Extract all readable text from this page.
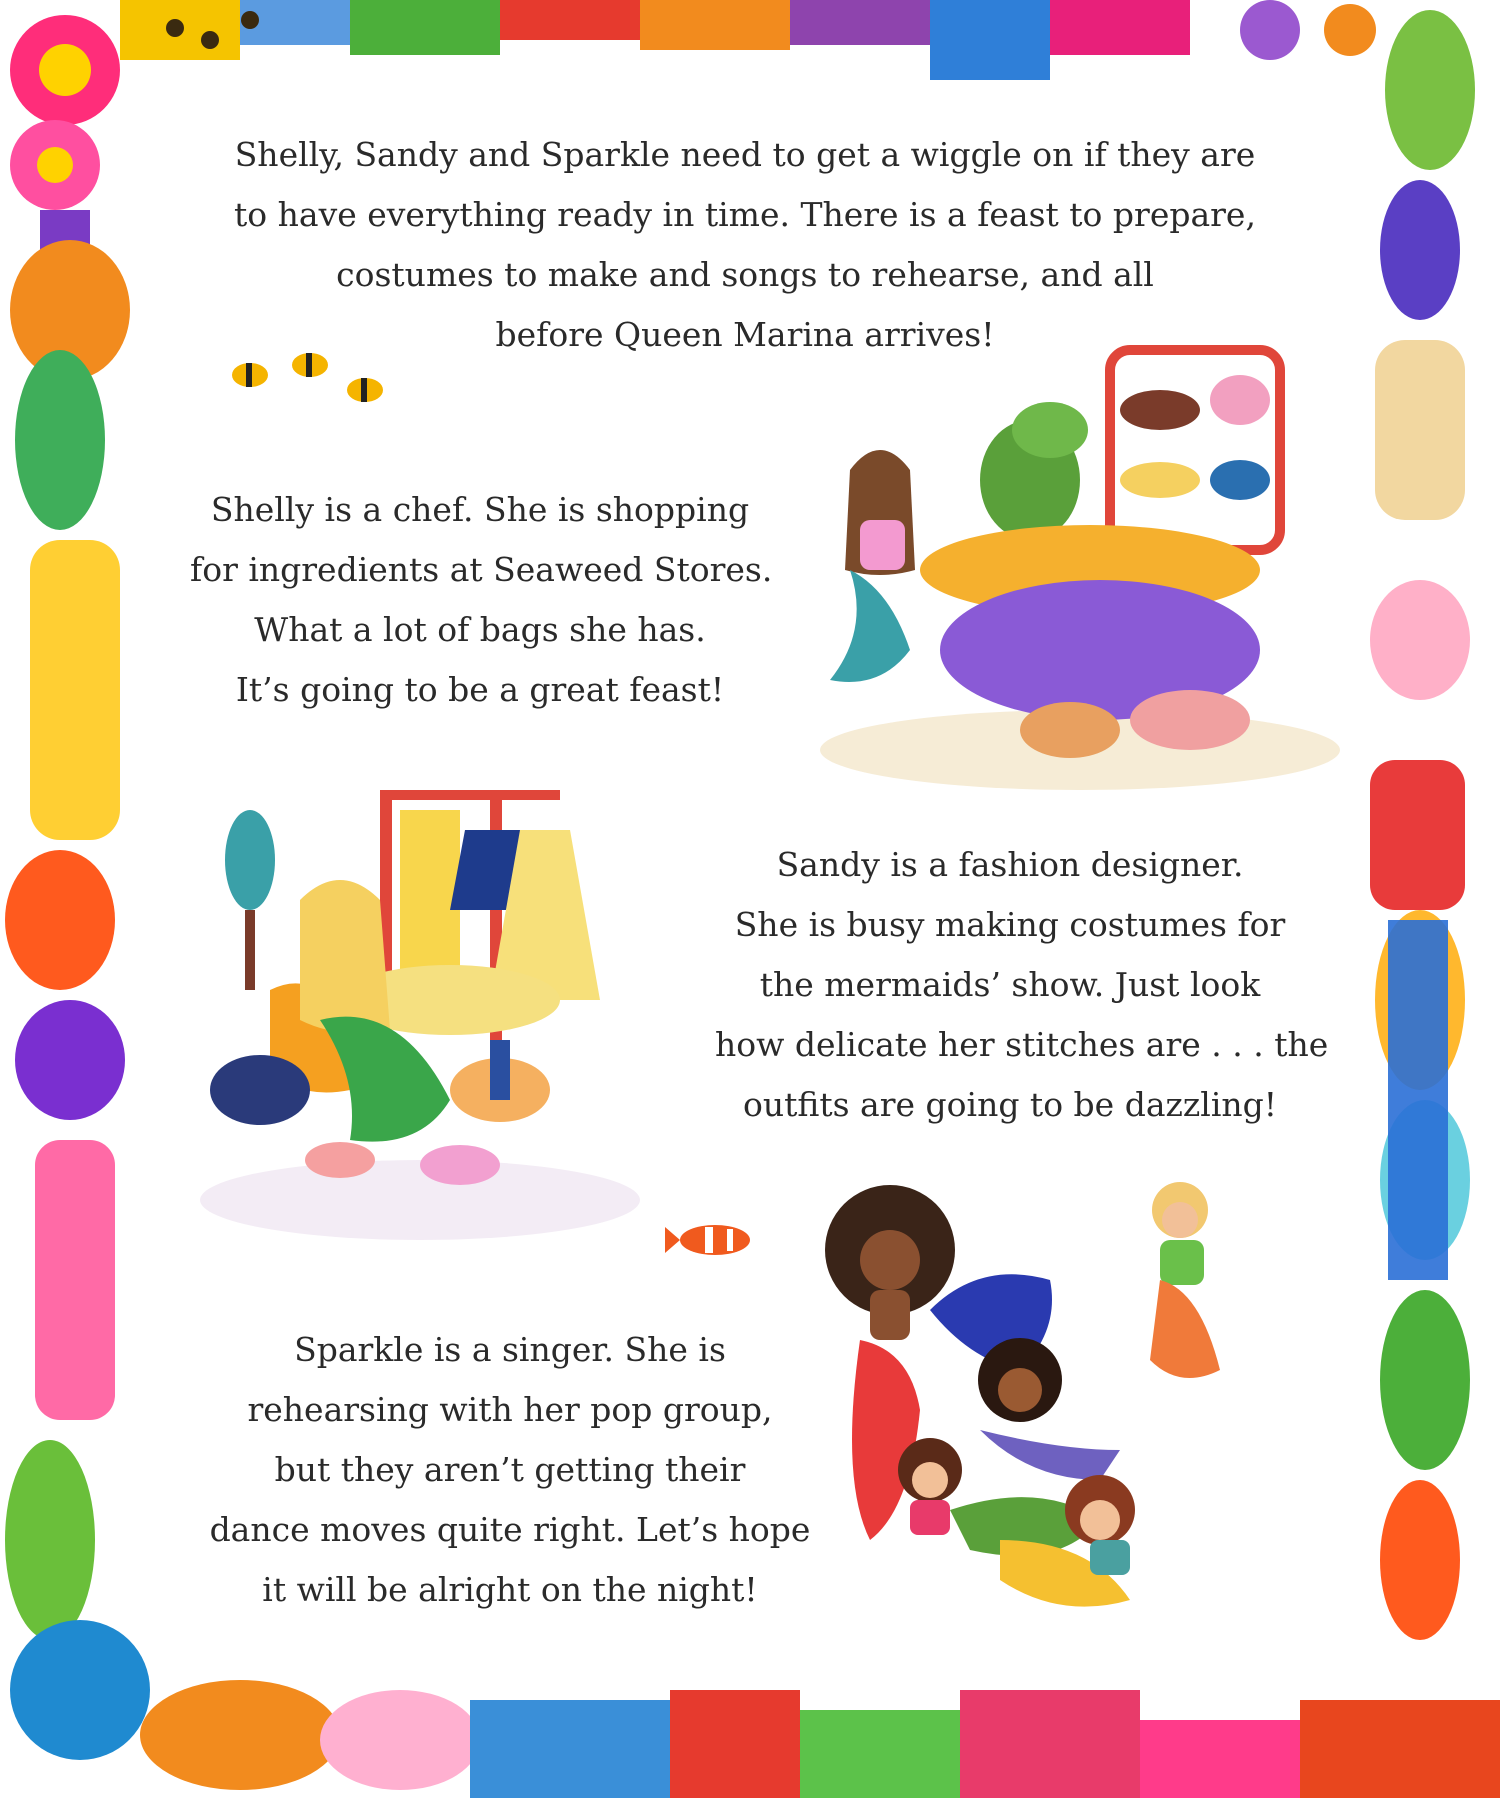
Shelly, Sandy and Sparkle need to get a wiggle on if they are
to have everything ready in time. There is a feast to prepare,
costumes to make and songs to rehearse, and all
before Queen Marina arrives!
Shelly is a chef. She is shopping
for ingredients at Seaweed Stores.
What a lot of bags she has.
It’s going to be a great feast!
Sandy is a fashion designer.
She is busy making costumes for
the mermaids’ show. Just look
how delicate her stitches are . . . the
outfits are going to be dazzling!
Sparkle is a singer. She is
rehearsing with her pop group,
but they aren’t getting their
dance moves quite right. Let’s hope
it will be alright on the night!
